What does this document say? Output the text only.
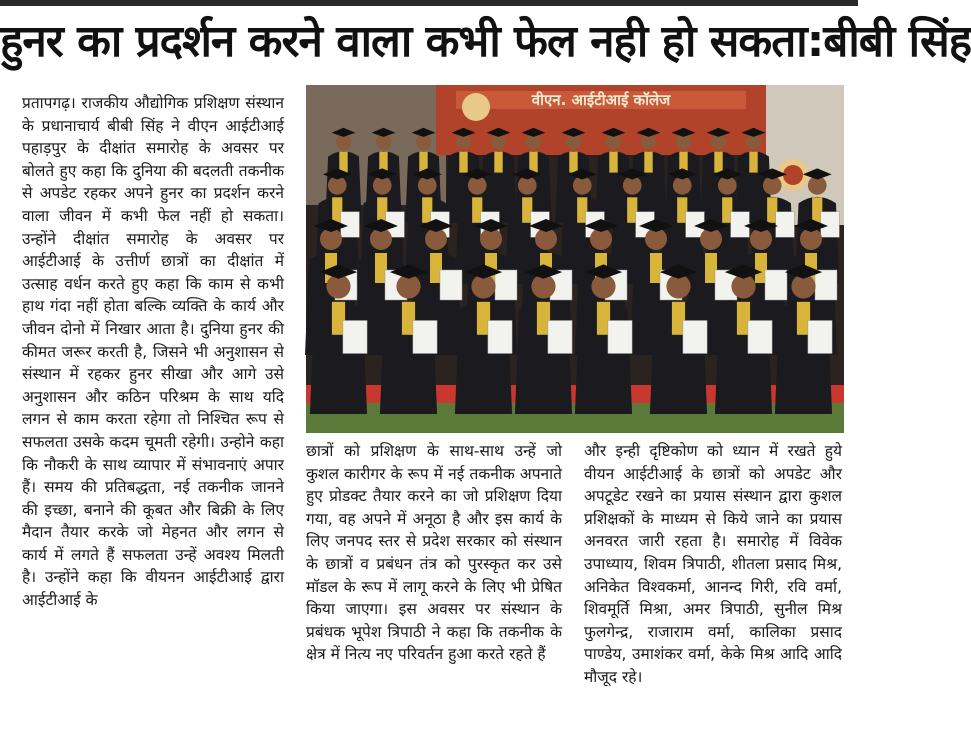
हुनर का प्रदर्शन करने वाला कभी फेल नही हो सकता:बीबी सिंह

प्रतापगढ़। राजकीय औद्योगिक प्रशिक्षण संस्थान के प्रधानाचार्य बीबी सिंह ने वीएन आईटीआई पहाड़पुर के दीक्षांत समारोह के अवसर पर बोलते हुए कहा कि दुनिया की बदलती तकनीक से अपडेट रहकर अपने हुनर का प्रदर्शन करने वाला जीवन में कभी फेल नहीं हो सकता। उन्होंने दीक्षांत समारोह के अवसर पर आईटीआई के उत्तीर्ण छात्रों का दीक्षांत में उत्साह वर्धन करते हुए कहा कि काम से कभी हाथ गंदा नहीं होता बल्कि व्यक्ति के कार्य और जीवन दोनो में निखार आता है। दुनिया हुनर की कीमत जरूर करती है, जिसने भी अनुशासन से संस्थान में रहकर हुनर सीखा और आगे उसे अनुशासन और कठिन परिश्रम के साथ यदि लगन से काम करता रहेगा तो निश्चित रूप से सफलता उसके कदम चूमती रहेगी। उन्होने कहा कि नौकरी के साथ व्यापार में संभावनाएं अपार हैं। समय की प्रतिबद्धता, नई तकनीक जानने की इच्छा, बनाने की कूबत और बिक्री के लिए मैदान तैयार करके जो मेहनत और लगन से कार्य में लगते हैं सफलता उन्हें अवश्य मिलती है। उन्होंने कहा कि वीयनन आईटीआई द्वारा आईटीआई के

वीएन. आईटीआई कॉलेज

छात्रों को प्रशिक्षण के साथ-साथ उन्हें जो कुशल कारीगर के रूप में नई तकनीक अपनाते हुए प्रोडक्ट तैयार करने का जो प्रशिक्षण दिया गया, वह अपने में अनूठा है और इस कार्य के लिए जनपद स्तर से प्रदेश सरकार को संस्थान के छात्रों व प्रबंधन तंत्र को पुरस्कृत कर उसे मॉडल के रूप में लागू करने के लिए भी प्रेषित किया जाएगा। इस अवसर पर संस्थान के प्रबंधक भूपेश त्रिपाठी ने कहा कि तकनीक के क्षेत्र में नित्य नए परिवर्तन हुआ करते रहते हैं

और इन्ही दृष्टिकोण को ध्यान में रखते हुये वीयन आईटीआई के छात्रों को अपडेट और अपटूडेट रखने का प्रयास संस्थान द्वारा कुशल प्रशिक्षकों के माध्यम से किये जाने का प्रयास अनवरत जारी रहता है। समारोह में विवेक उपाध्याय, शिवम त्रिपाठी, शीतला प्रसाद मिश्र, अनिकेत विश्वकर्मा, आनन्द गिरी, रवि वर्मा, शिवमूर्ति मिश्रा, अमर त्रिपाठी, सुनील मिश्र फुलगेन्द्र, राजाराम वर्मा, कालिका प्रसाद पाण्डेय, उमाशंकर वर्मा, केके मिश्र आदि आदि मौजूद रहे।
